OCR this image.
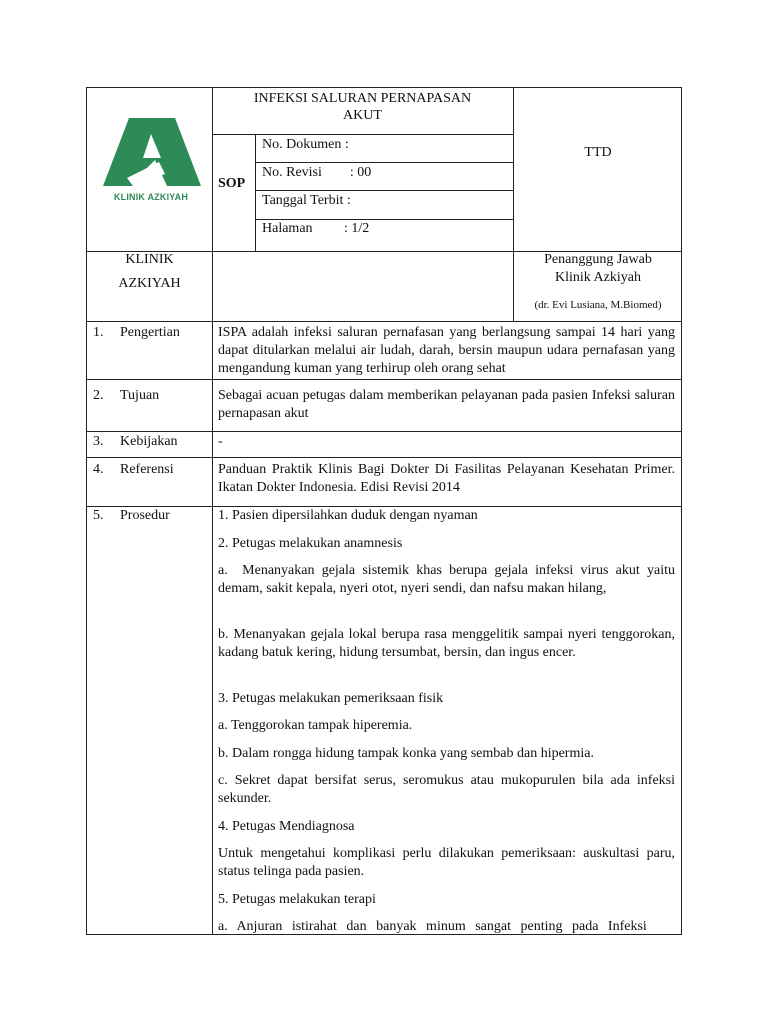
KLINIK AZKIYAH
INFEKSI SALURAN PERNAPASAN
AKUT
SOP
No. Dokumen :
No. Revisi        : 00
Tanggal Terbit :
Halaman         : 1/2
TTD
KLINIK
AZKIYAH
Penanggung Jawab
Klinik Azkiyah
(dr. Evi Lusiana, M.Biomed)
1. Pengertian	ISPA adalah infeksi saluran pernafasan yang berlangsung sampai 14 hari yang dapat ditularkan melalui air ludah, darah, bersin maupun udara pernafasan yang mengandung kuman yang terhirup oleh orang sehat
2. Tujuan	Sebagai acuan petugas dalam memberikan pelayanan pada pasien Infeksi saluran pernapasan akut
3. Kebijakan	-
4. Referensi	Panduan Praktik Klinis Bagi Dokter Di Fasilitas Pelayanan Kesehatan Primer. Ikatan Dokter Indonesia. Edisi Revisi 2014
5. Prosedur	1. Pasien dipersilahkan duduk dengan nyaman
2. Petugas melakukan anamnesis
a.  Menanyakan gejala sistemik khas berupa gejala infeksi virus akut yaitu demam, sakit kepala, nyeri otot, nyeri sendi, dan nafsu makan hilang,
b. Menanyakan gejala lokal berupa rasa menggelitik sampai nyeri tenggorokan, kadang batuk kering, hidung tersumbat, bersin, dan ingus encer.
3. Petugas melakukan pemeriksaan fisik
a. Tenggorokan tampak hiperemia.
b. Dalam rongga hidung tampak konka yang sembab dan hipermia.
c. Sekret dapat bersifat serus, seromukus atau mukopurulen bila ada infeksi sekunder.
4. Petugas Mendiagnosa
Untuk mengetahui komplikasi perlu dilakukan pemeriksaan: auskultasi paru, status telinga pada pasien.
5. Petugas melakukan terapi
a. Anjuran istirahat dan banyak minum sangat penting pada Infeksi
